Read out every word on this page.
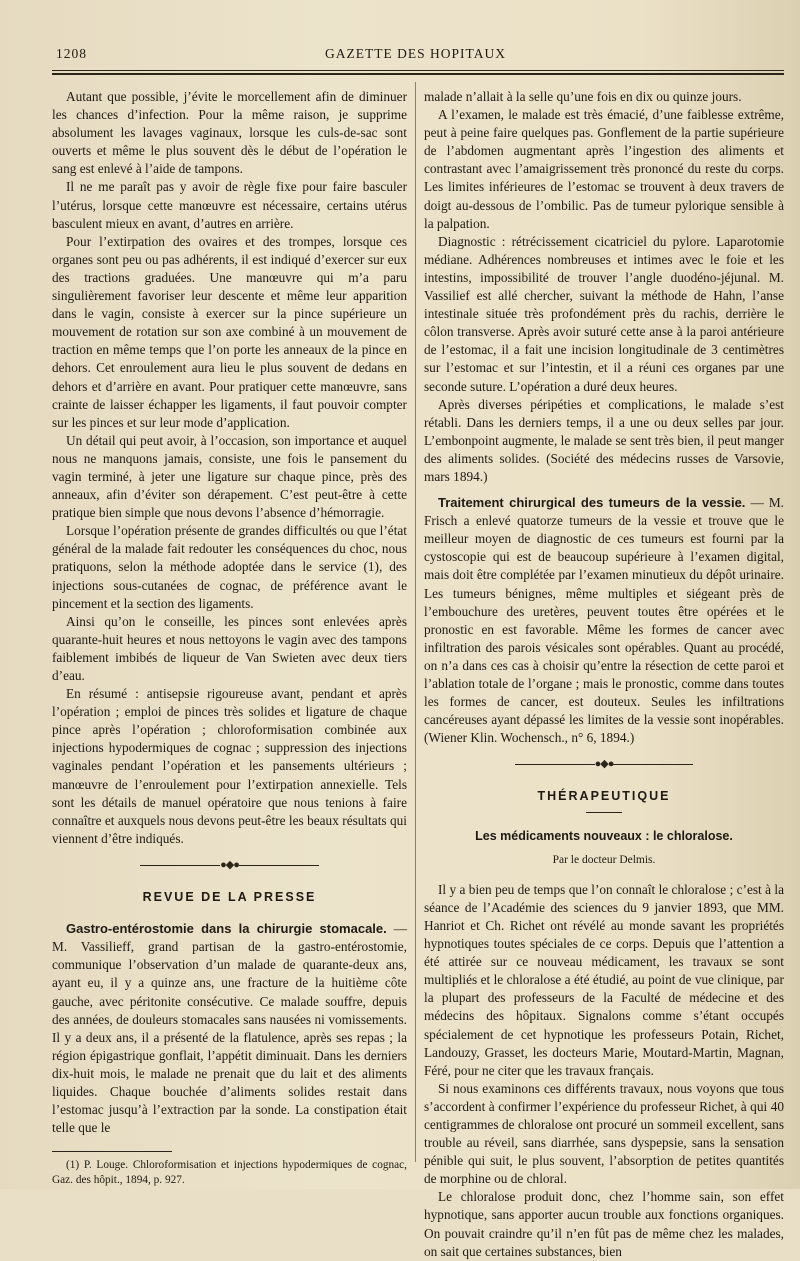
1208	GAZETTE DES HOPITAUX

Autant que possible, j’évite le morcellement afin de diminuer les chances d’infection. Pour la même raison, je supprime absolument les lavages vaginaux, lorsque les culs-de-sac sont ouverts et même le plus souvent dès le début de l’opération le sang est enlevé à l’aide de tampons.

Il ne me paraît pas y avoir de règle fixe pour faire basculer l’utérus, lorsque cette manœuvre est nécessaire, certains utérus basculent mieux en avant, d’autres en arrière.

Pour l’extirpation des ovaires et des trompes, lorsque ces organes sont peu ou pas adhérents, il est indiqué d’exercer sur eux des tractions graduées. Une manœuvre qui m’a paru singulièrement favoriser leur descente et même leur apparition dans le vagin, consiste à exercer sur la pince supérieure un mouvement de rotation sur son axe combiné à un mouvement de traction en même temps que l’on porte les anneaux de la pince en dehors. Cet enroulement aura lieu le plus souvent de dedans en dehors et d’arrière en avant. Pour pratiquer cette manœuvre, sans crainte de laisser échapper les ligaments, il faut pouvoir compter sur les pinces et sur leur mode d’application.

Un détail qui peut avoir, à l’occasion, son importance et auquel nous ne manquons jamais, consiste, une fois le pansement du vagin terminé, à jeter une ligature sur chaque pince, près des anneaux, afin d’éviter son dérapement. C’est peut-être à cette pratique bien simple que nous devons l’absence d’hémorragie.

Lorsque l’opération présente de grandes difficultés ou que l’état général de la malade fait redouter les conséquences du choc, nous pratiquons, selon la méthode adoptée dans le service (1), des injections sous-cutanées de cognac, de préférence avant le pincement et la section des ligaments.

Ainsi qu’on le conseille, les pinces sont enlevées après quarante-huit heures et nous nettoyons le vagin avec des tampons faiblement imbibés de liqueur de Van Swieten avec deux tiers d’eau.

En résumé : antisepsie rigoureuse avant, pendant et après l’opération ; emploi de pinces très solides et ligature de chaque pince après l’opération ; chloroformisation combinée aux injections hypodermiques de cognac ; suppression des injections vaginales pendant l’opération et les pansements ultérieurs ; manœuvre de l’enroulement pour l’extirpation annexielle. Tels sont les détails de manuel opératoire que nous tenions à faire connaître et auxquels nous devons peut-être les beaux résultats qui viennent d’être indiqués.

●◆●
REVUE DE LA PRESSE

Gastro-entérostomie dans la chirurgie stomacale. — M. Vassilieff, grand partisan de la gastro-entérostomie, communique l’observation d’un malade de quarante-deux ans, ayant eu, il y a quinze ans, une fracture de la huitième côte gauche, avec péritonite consécutive. Ce malade souffre, depuis des années, de douleurs stomacales sans nausées ni vomissements. Il y a deux ans, il a présenté de la flatulence, après ses repas ; la région épigastrique gonflait, l’appétit diminuait. Dans les derniers dix-huit mois, le malade ne prenait que du lait et des aliments liquides. Chaque bouchée d’aliments solides restait dans l’estomac jusqu’à l’extraction par la sonde. La constipation était telle que le

(1) P. Louge. Chloroformisation et injections hypodermiques de cognac, Gaz. des hôpit., 1894, p. 927.

malade n’allait à la selle qu’une fois en dix ou quinze jours.

A l’examen, le malade est très émacié, d’une faiblesse extrême, peut à peine faire quelques pas. Gonflement de la partie supérieure de l’abdomen augmentant après l’ingestion des aliments et contrastant avec l’amaigrissement très prononcé du reste du corps. Les limites inférieures de l’estomac se trouvent à deux travers de doigt au-dessous de l’ombilic. Pas de tumeur pylorique sensible à la palpation.

Diagnostic : rétrécissement cicatriciel du pylore. Laparotomie médiane. Adhérences nombreuses et intimes avec le foie et les intestins, impossibilité de trouver l’angle duodéno-jéjunal. M. Vassilief est allé chercher, suivant la méthode de Hahn, l’anse intestinale située très profondément près du rachis, derrière le côlon transverse. Après avoir suturé cette anse à la paroi antérieure de l’estomac, il a fait une incision longitudinale de 3 centimètres sur l’estomac et sur l’intestin, et il a réuni ces organes par une seconde suture. L’opération a duré deux heures.

Après diverses péripéties et complications, le malade s’est rétabli. Dans les derniers temps, il a une ou deux selles par jour. L’embonpoint augmente, le malade se sent très bien, il peut manger des aliments solides. (Société des médecins russes de Varsovie, mars 1894.)

Traitement chirurgical des tumeurs de la vessie. — M. Frisch a enlevé quatorze tumeurs de la vessie et trouve que le meilleur moyen de diagnostic de ces tumeurs est fourni par la cystoscopie qui est de beaucoup supérieure à l’examen digital, mais doit être complétée par l’examen minutieux du dépôt urinaire. Les tumeurs bénignes, même multiples et siégeant près de l’embouchure des uretères, peuvent toutes être opérées et le pronostic en est favorable. Même les formes de cancer avec infiltration des parois vésicales sont opérables. Quant au procédé, on n’a dans ces cas à choisir qu’entre la résection de cette paroi et l’ablation totale de l’organe ; mais le pronostic, comme dans toutes les formes de cancer, est douteux. Seules les infiltrations cancéreuses ayant dépassé les limites de la vessie sont inopérables. (Wiener Klin. Wochensch., n° 6, 1894.)

●◆●
THÉRAPEUTIQUE
Les médicaments nouveaux : le chloralose.
Par le docteur Delmis.

Il y a bien peu de temps que l’on connaît le chloralose ; c’est à la séance de l’Académie des sciences du 9 janvier 1893, que MM. Hanriot et Ch. Richet ont révélé au monde savant les propriétés hypnotiques toutes spéciales de ce corps. Depuis que l’attention a été attirée sur ce nouveau médicament, les travaux se sont multipliés et le chloralose a été étudié, au point de vue clinique, par la plupart des professeurs de la Faculté de médecine et des médecins des hôpitaux. Signalons comme s’étant occupés spécialement de cet hypnotique les professeurs Potain, Richet, Landouzy, Grasset, les docteurs Marie, Moutard-Martin, Magnan, Féré, pour ne citer que les travaux français.

Si nous examinons ces différents travaux, nous voyons que tous s’accordent à confirmer l’expérience du professeur Richet, à qui 40 centigrammes de chloralose ont procuré un sommeil excellent, sans trouble au réveil, sans diarrhée, sans dyspepsie, sans la sensation pénible qui suit, le plus souvent, l’absorption de petites quantités de morphine ou de chloral.

Le chloralose produit donc, chez l’homme sain, son effet hypnotique, sans apporter aucun trouble aux fonctions organiques. On pouvait craindre qu’il n’en fût pas de même chez les malades, on sait que certaines substances, bien
